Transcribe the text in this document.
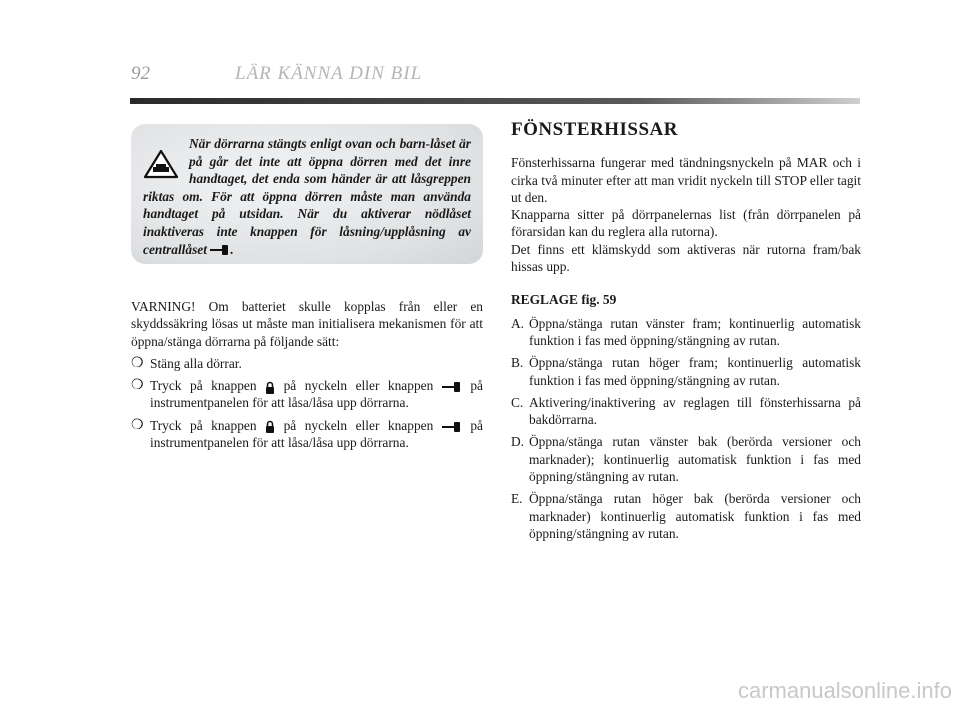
92	LÄR KÄNNA DIN BIL
När dörrarna stängts enligt ovan och barn-låset är på går det inte att öppna dörren med det inre handtaget, det enda som händer är att låsgreppen riktas om. För att öppna dörren måste man använda handtaget på utsidan. När du aktiverar nödlåset inaktiveras inte knappen för låsning/upplåsning av centrallåset .

VARNING! Om batteriet skulle kopplas från eller en skyddssäkring lösas ut måste man initialisera mekanismen för att öppna/stänga dörrarna på följande sätt:

❍ Stäng alla dörrar.
❍ Tryck på knappen på nyckeln eller knappen	på instrumentpanelen för att låsa/låsa upp dörrarna.
❍ Tryck på knappen på nyckeln eller knappen	på instrumentpanelen för att låsa/låsa upp dörrarna.
FÖNSTERHISSAR

Fönsterhissarna fungerar med tändningsnyckeln på MAR och i cirka två minuter efter att man vridit nyckeln till STOP eller tagit ut den.

Knapparna sitter på dörrpanelernas list (från dörrpanelen på förarsidan kan du reglera alla rutorna).

Det finns ett klämskydd som aktiveras när rutorna fram/bak hissas upp.

REGLAGE fig. 59
A. Öppna/stänga rutan vänster fram; kontinuerlig automatisk funktion i fas med öppning/stängning av rutan.
B. Öppna/stänga rutan höger fram; kontinuerlig automatisk funktion i fas med öppning/stängning av rutan.
C. Aktivering/inaktivering av reglagen till fönsterhissarna på bakdörrarna.
D. Öppna/stänga rutan vänster bak (berörda versioner och marknader); kontinuerlig automatisk funktion i fas med öppning/stängning av rutan.
E. Öppna/stänga rutan höger bak (berörda versioner och marknader) kontinuerlig automatisk funktion i fas med öppning/stängning av rutan.
carmanualsonline.info
